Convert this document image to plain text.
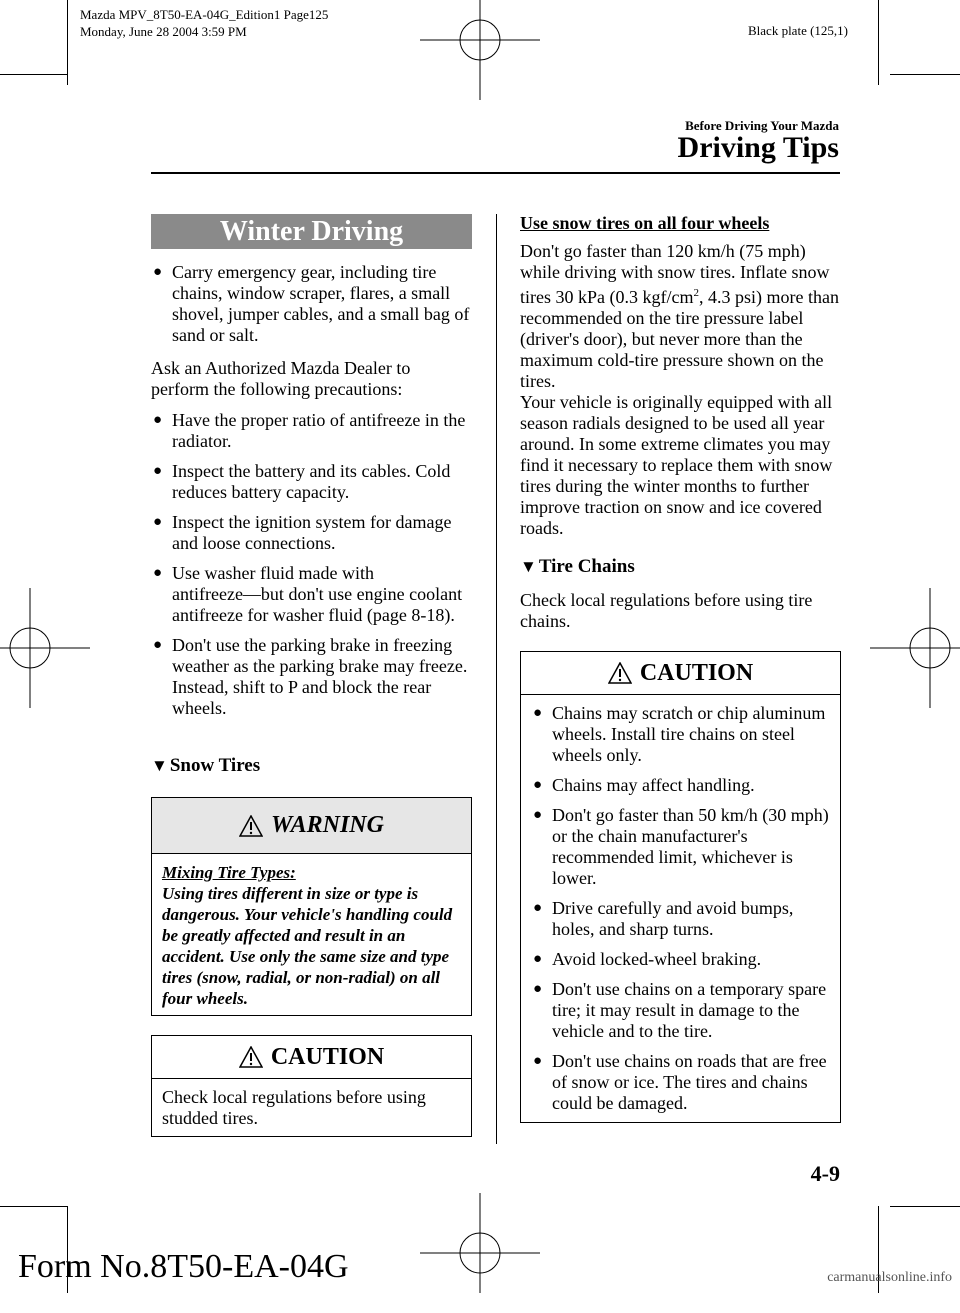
Mazda MPV_8T50-EA-04G_Edition1 Page125
Monday, June 28 2004 3:59 PM	Black plate (125,1)
Before Driving Your Mazda
Driving Tips
Winter Driving
● Carry emergency gear, including tire chains, window scraper, flares, a small shovel, jumper cables, and a small bag of sand or salt.
Ask an Authorized Mazda Dealer to perform the following precautions:
● Have the proper ratio of antifreeze in the radiator.
● Inspect the battery and its cables. Cold reduces battery capacity.
● Inspect the ignition system for damage and loose connections.
● Use washer fluid made with antifreeze―but don't use engine coolant antifreeze for washer fluid (page 8-18).
● Don't use the parking brake in freezing weather as the parking brake may freeze. Instead, shift to P and block the rear wheels.
▼ Snow Tires
WARNING
Mixing Tire Types:
Using tires different in size or type is dangerous. Your vehicle's handling could be greatly affected and result in an accident. Use only the same size and type tires (snow, radial, or non-radial) on all four wheels.
CAUTION
Check local regulations before using studded tires.
Use snow tires on all four wheels
Don't go faster than 120 km/h (75 mph) while driving with snow tires. Inflate snow tires 30 kPa (0.3 kgf/$cm^2$, 4.3 psi) more than recommended on the tire pressure label (driver's door), but never more than the maximum cold-tire pressure shown on the tires.
Your vehicle is originally equipped with all season radials designed to be used all year around. In some extreme climates you may find it necessary to replace them with snow tires during the winter months to further improve traction on snow and ice covered roads.
▼ Tire Chains
Check local regulations before using tire chains.
CAUTION
● Chains may scratch or chip aluminum wheels. Install tire chains on steel wheels only.
● Chains may affect handling.
● Don't go faster than 50 km/h (30 mph) or the chain manufacturer's recommended limit, whichever is lower.
● Drive carefully and avoid bumps, holes, and sharp turns.
● Avoid locked-wheel braking.
● Don't use chains on a temporary spare tire; it may result in damage to the vehicle and to the tire.
● Don't use chains on roads that are free of snow or ice. The tires and chains could be damaged.
4-9
Form No.8T50-EA-04G	carmanualsonline.info
